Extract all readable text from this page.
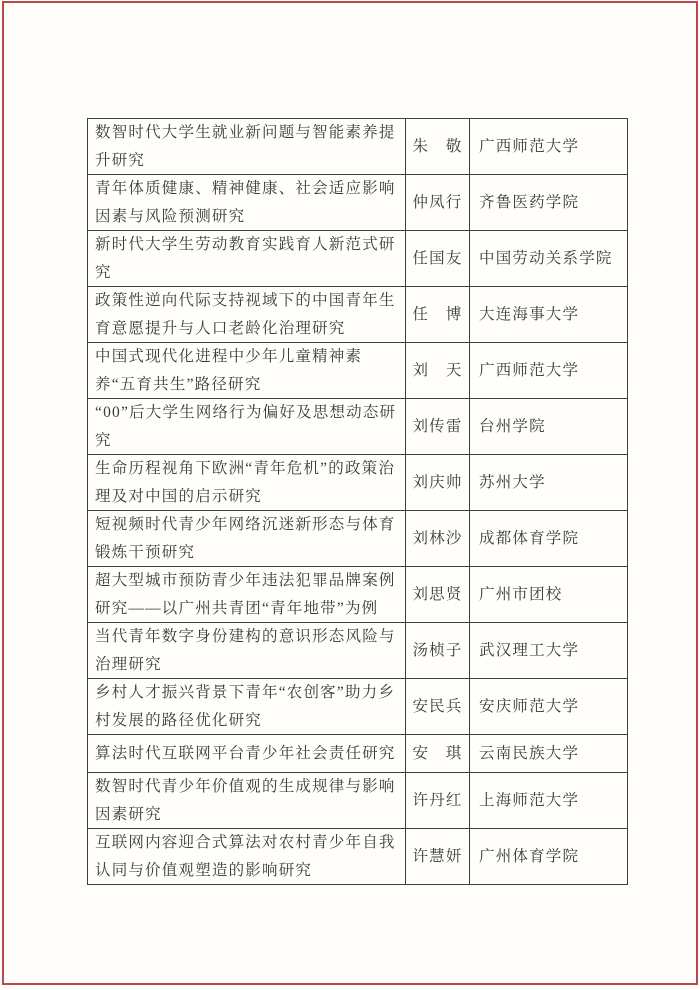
数智时代大学生就业新问题与智能素养提升研究	朱　敬	广西师范大学
青年体质健康、精神健康、社会适应影响因素与风险预测研究	仲凤行	齐鲁医药学院
新时代大学生劳动教育实践育人新范式研究	任国友	中国劳动关系学院
政策性逆向代际支持视域下的中国青年生育意愿提升与人口老龄化治理研究	任　博	大连海事大学
中国式现代化进程中少年儿童精神素养“五育共生”路径研究	刘　天	广西师范大学
“00”后大学生网络行为偏好及思想动态研究	刘传雷	台州学院
生命历程视角下欧洲“青年危机”的政策治理及对中国的启示研究	刘庆帅	苏州大学
短视频时代青少年网络沉迷新形态与体育锻炼干预研究	刘林沙	成都体育学院
超大型城市预防青少年违法犯罪品牌案例研究——以广州共青团“青年地带”为例	刘思贤	广州市团校
当代青年数字身份建构的意识形态风险与治理研究	汤桢子	武汉理工大学
乡村人才振兴背景下青年“农创客”助力乡村发展的路径优化研究	安民兵	安庆师范大学
算法时代互联网平台青少年社会责任研究	安　琪	云南民族大学
数智时代青少年价值观的生成规律与影响因素研究	许丹红	上海师范大学
互联网内容迎合式算法对农村青少年自我认同与价值观塑造的影响研究	许慧妍	广州体育学院
